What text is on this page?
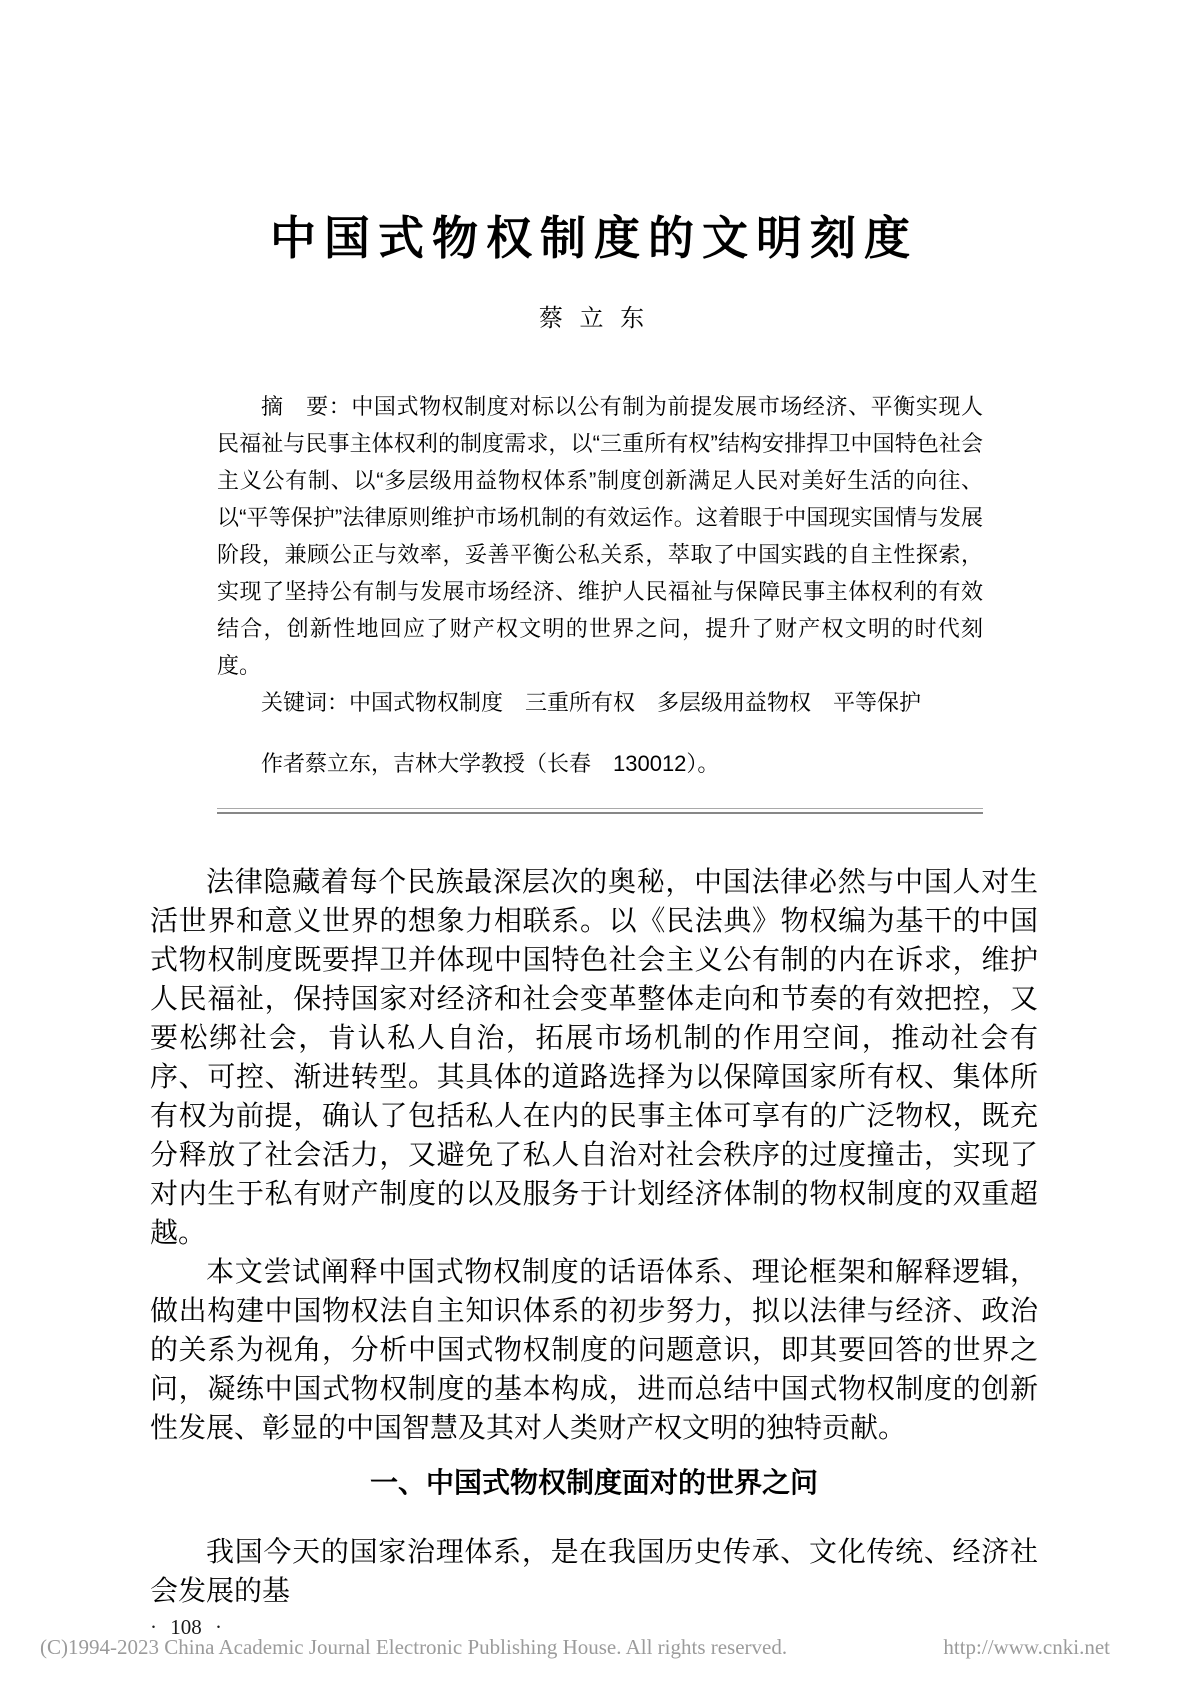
中国式物权制度的文明刻度
蔡 立 东

摘　要：中国式物权制度对标以公有制为前提发展市场经济、平衡实现人民福祉与民事主体权利的制度需求，以“三重所有权”结构安排捍卫中国特色社会主义公有制、以“多层级用益物权体系”制度创新满足人民对美好生活的向往、以“平等保护”法律原则维护市场机制的有效运作。这着眼于中国现实国情与发展阶段，兼顾公正与效率，妥善平衡公私关系，萃取了中国实践的自主性探索，实现了坚持公有制与发展市场经济、维护人民福祉与保障民事主体权利的有效结合，创新性地回应了财产权文明的世界之问，提升了财产权文明的时代刻度。

关键词：中国式物权制度　三重所有权　多层级用益物权　平等保护

作者蔡立东，吉林大学教授（长春　130012）。

法律隐藏着每个民族最深层次的奥秘，中国法律必然与中国人对生活世界和意义世界的想象力相联系。以《民法典》物权编为基干的中国式物权制度既要捍卫并体现中国特色社会主义公有制的内在诉求，维护人民福祉，保持国家对经济和社会变革整体走向和节奏的有效把控，又要松绑社会，肯认私人自治，拓展市场机制的作用空间，推动社会有序、可控、渐进转型。其具体的道路选择为以保障国家所有权、集体所有权为前提，确认了包括私人在内的民事主体可享有的广泛物权，既充分释放了社会活力，又避免了私人自治对社会秩序的过度撞击，实现了对内生于私有财产制度的以及服务于计划经济体制的物权制度的双重超越。

本文尝试阐释中国式物权制度的话语体系、理论框架和解释逻辑，做出构建中国物权法自主知识体系的初步努力，拟以法律与经济、政治的关系为视角，分析中国式物权制度的问题意识，即其要回答的世界之问，凝练中国式物权制度的基本构成，进而总结中国式物权制度的创新性发展、彰显的中国智慧及其对人类财产权文明的独特贡献。

一、中国式物权制度面对的世界之问

我国今天的国家治理体系，是在我国历史传承、文化传统、经济社会发展的基

· 108 ·
(C)1994-2023 China Academic Journal Electronic Publishing House. All rights reserved.	http://www.cnki.net
